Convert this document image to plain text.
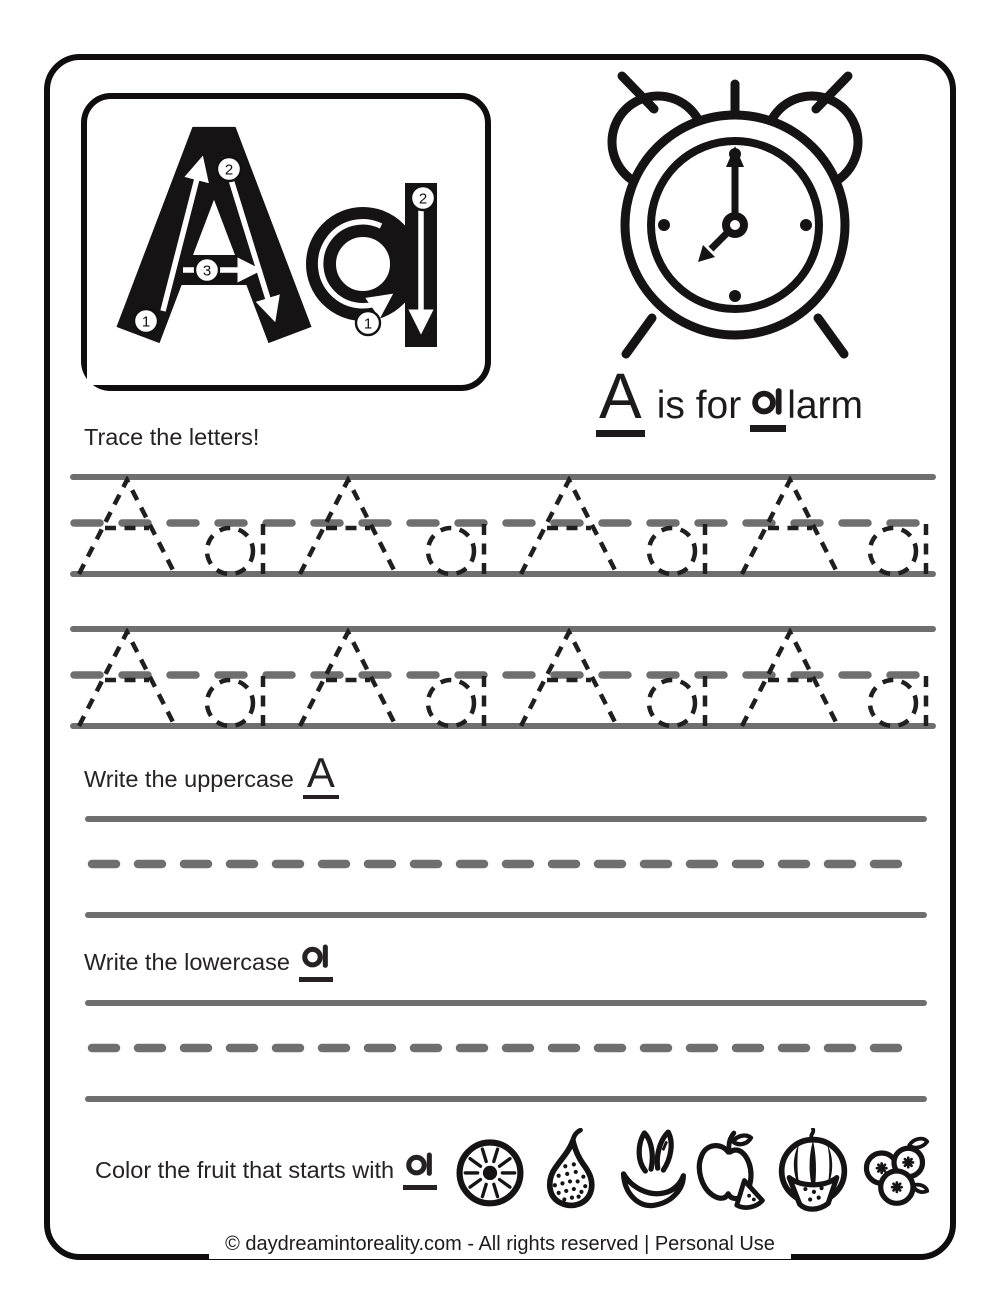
1
2
3
1
2
A is for larm
Trace the letters!
Write the uppercase A
Write the lowercase
Color the fruit that starts with
© daydreamintoreality.com - All rights reserved | Personal Use
